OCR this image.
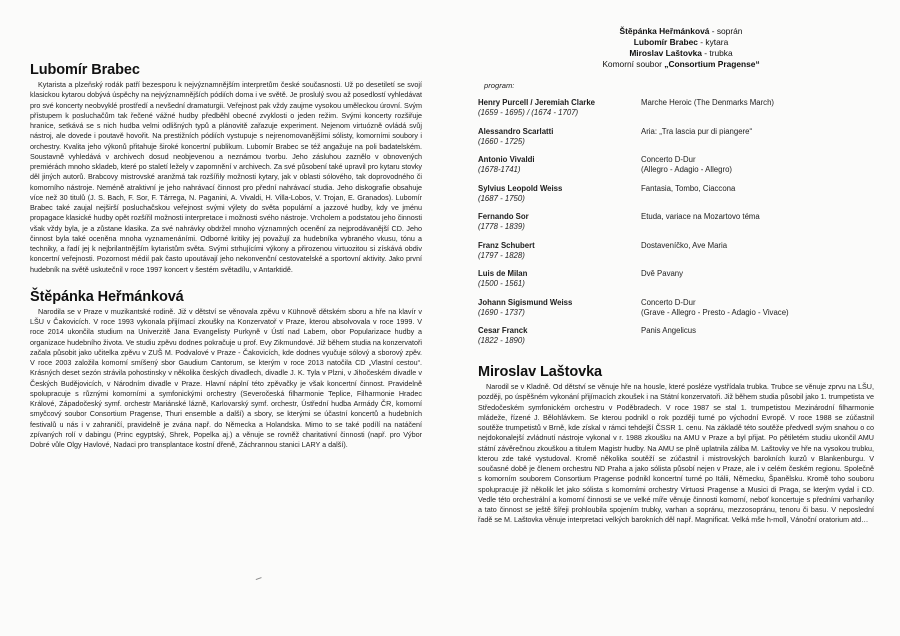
Lubomír Brabec

Kytarista a plzeňský rodák patří bezesporu k nejvýznamnějším interpretům české současnosti. Už po desetiletí se svojí klasickou kytarou dobývá úspěchy na nejvýznamnějších pódiích doma i ve světě. Je proslulý svou až posedlostí vyhledávat pro své koncerty neobvyklé prostředí a nevšední dramaturgii. Veřejnost pak vždy zaujme vysokou uměleckou úrovní. Svým přístupem k posluchačům tak řečené vážné hudby předběhl obecné zvyklosti o jeden režim. Svými koncerty rozšiřuje hranice, setkává se s nich hudba velmi odlišných typů a plánovitě zařazuje experiment. Nejenom virtuózně ovládá svůj nástroj, ale dovede i poutavě hovořit. Na prestižních pódiích vystupuje s nejrenomovanějšími sólisty, komorními soubory i orchestry. Kvalita jeho výkonů přitahuje široké koncertní publikum. Lubomír Brabec se též angažuje na poli badatelském. Soustavně vyhledává v archivech dosud neobjevenou a neznámou tvorbu. Jeho zásluhou zaznělo v obnovených premiérách mnoho skladeb, které po staletí ležely v zapomnění v archivech. Za své působení také upravil pro kytaru stovky děl jiných autorů. Brabcovy mistrovské aranžmá tak rozšířily možnosti kytary, jak v oblasti sólového, tak doprovodného či komorního nástroje. Neméně atraktivní je jeho nahrávací činnost pro přední nahrávací studia. Jeho diskografie obsahuje více než 30 titulů (J. S. Bach, F. Sor, F. Tárrega, N. Paganini, A. Vivaldi, H. Villa-Lobos, V. Trojan, E. Granados). Lubomír Brabec také zaujal nejširší posluchačskou veřejnost svými výlety do světa populární a jazzové hudby, kdy ve jménu propagace klasické hudby opět rozšířil možnosti interpretace i možnosti svého nástroje. Vrcholem a podstatou jeho činnosti však vždy byla, je a zůstane klasika. Za své nahrávky obdržel mnoho významných ocenění za nejprodávanější CD. Jeho činnost byla také oceněna mnoha vyznamenáními. Odborné kritiky jej považují za hudebníka vybraného vkusu, tónu a techniky, a řadí jej k nejbrilantnějším kytaristům světa. Svými strhujícími výkony a přirozenou virtuozitou si získává obdiv koncertní veřejnosti. Pozornost médií pak často upoutávají jeho nekonvenční cestovatelské a sportovní aktivity. Jako první hudebník na světě uskutečnil v roce 1997 koncert v šestém světadílu, v Antarktidě.

Štěpánka Heřmánková

Narodila se v Praze v muzikantské rodině. Již v dětství se věnovala zpěvu v Kühnově dětském sboru a hře na klavír v LŠU v Čakovicích. V roce 1993 vykonala přijímací zkoušky na Konzervatoř v Praze, kterou absolvovala v roce 1999. V roce 2014 ukončila studium na Univerzitě Jana Evangelisty Purkyně v Ústí nad Labem, obor Popularizace hudby a organizace hudebního života. Ve studiu zpěvu dodnes pokračuje u prof. Evy Zikmundové. Již během studia na konzervatoři začala působit jako učitelka zpěvu v ZUŠ M. Podvalové v Praze - Čakovicích, kde dodnes vyučuje sólový a sborový zpěv. V roce 2003 založila komorní smíšený sbor Gaudium Cantorum, se kterým v roce 2013 natočila CD „Vlastní cestou“. Krásných deset sezón strávila pohostinsky v několika českých divadlech, divadle J. K. Tyla v Plzni, v Jihočeském divadle v Českých Budějovicích, v Národním divadle v Praze. Hlavní náplní této zpěvačky je však koncertní činnost. Pravidelně spolupracuje s různými komorními a symfonickými orchestry (Severočeská filharmonie Teplice, Filharmonie Hradec Králové, Západočeský symf. orchestr Mariánské lázně, Karlovarský symf. orchestr, Ústřední hudba Armády ČR, komorní smyčcový soubor Consortium Pragense, Thuri ensemble a další) a sbory, se kterými se účastní koncertů a hudebních festivalů u nás i v zahraničí, pravidelně je zvána např. do Německa a Holandska. Mimo to se také podílí na natáčení zpívaných rolí v dabingu (Princ egyptský, Shrek, Popelka aj.) a věnuje se rovněž charitativní činnosti (např. pro Výbor Dobré vůle Olgy Havlové, Nadaci pro transplantace kostní dřeně, Záchrannou stanici LARY a další).

Štěpánka Heřmánková - soprán
Lubomír Brabec - kytara
Miroslav Laštovka - trubka
Komorní soubor „Consortium Pragense“
program:
Henry Purcell / Jeremiah Clarke
(1659 - 1695) / (1674 - 1707)
Marche Heroic (The Denmarks March)
Alessandro Scarlatti
(1660 - 1725)
Aria: „Tra lascia pur di piangere“
Antonio Vivaldi
(1678-1741)
Concerto D-Dur
(Allegro - Adagio - Allegro)
Sylvius Leopold Weiss
(1687 - 1750)
Fantasia, Tombo, Ciaccona
Fernando Sor
(1778 - 1839)
Etuda, variace na Mozartovo téma
Franz Schubert
(1797 - 1828)
Dostaveníčko, Ave Maria
Luis de Milan
(1500 - 1561)
Dvě Pavany
Johann Sigismund Weiss
(1690 - 1737)
Concerto D-Dur
(Grave - Allegro - Presto - Adagio - Vivace)
Cesar Franck
(1822 - 1890)
Panis Angelicus
Miroslav Laštovka

Narodil se v Kladně. Od dětství se věnuje hře na housle, které posléze vystřídala trubka. Trubce se věnuje zprvu na LŠU, později, po úspěšném vykonání přijímacích zkoušek i na Státní konzervatoři. Již během studia působil jako 1. trumpetista ve Středočeském symfonickém orchestru v Poděbradech. V roce 1987 se stal 1. trumpetistou Mezinárodní filharmonie mládeže, řízené J. Bělohlávkem. Se kterou podnikl o rok později turné po východní Evropě. V roce 1988 se zúčastnil soutěže trumpetistů v Brně, kde získal v rámci tehdejší ČSSR 1. cenu. Na základě této soutěže předvedl svým snahou o co nejdokonalejší zvládnutí nástroje vykonal v r. 1988 zkoušku na AMU v Praze a byl přijat. Po pětiletém studiu ukončil AMU státní závěrečnou zkouškou a titulem Magistr hudby. Na AMU se plně uplatnila záliba M. Laštovky ve hře na vysokou trubku, kterou zde také vystudoval. Kromě několika soutěží se zúčastnil i mistrovských barokních kurzů v Blankenburgu. V současné době je členem orchestru ND Praha a jako sólista působí nejen v Praze, ale i v celém českém regionu. Společně s komorním souborem Consortium Pragense podnikl koncertní turné po Itálii, Německu, Španělsku. Kromě toho souboru spolupracuje již několik let jako sólista s komorními orchestry Virtuosi Pragense a Musici di Praga, se kterým vydal i CD. Vedle této orchestrální a komorní činnosti se ve velké míře věnuje činnosti komorní, neboť koncertuje s předními varhaníky a tato činnost se ještě šířeji prohloubila spojením trubky, varhan a sopránu, mezzosopránu, tenoru či basu. V neposlední řadě se M. Laštovka věnuje interpretaci velkých barokních děl např. Magnificat. Velká mše h-moll, Vánoční oratorium atd…
